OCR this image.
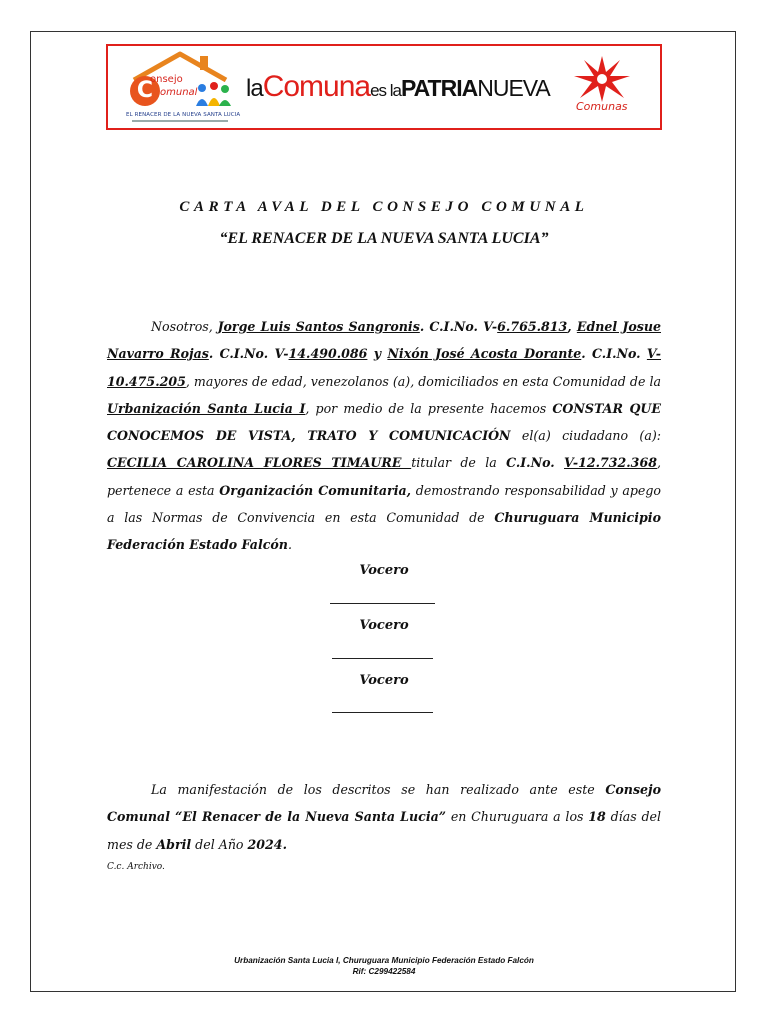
C
onsejo
omunal
EL RENACER DE LA NUEVA SANTA LUCIA
laComunaes laPATRIANUEVA
Comunas
CARTA AVAL DEL CONSEJO COMUNAL
“EL RENACER DE LA NUEVA SANTA LUCIA”
Nosotros, Jorge Luis Santos Sangronis. C.I.No. V-6.765.813, Ednel Josue Navarro Rojas. C.I.No. V-14.490.086 y Nixón José Acosta Dorante. C.I.No. V-10.475.205, mayores de edad, venezolanos (a), domiciliados en esta Comunidad de la Urbanización Santa Lucia I, por medio de la presente hacemos CONSTAR QUE CONOCEMOS DE VISTA, TRATO Y COMUNICACIÓN el(a) ciudadano (a): CECILIA CAROLINA FLORES TIMAURE titular de la C.I.No. V-12.732.368, pertenece a esta Organización Comunitaria, demostrando responsabilidad y apego a las Normas de Convivencia en esta Comunidad de Churuguara Municipio Federación Estado Falcón.
Vocero
Vocero
Vocero
La manifestación de los descritos se han realizado ante este Consejo Comunal “El Renacer de la Nueva Santa Lucia” en Churuguara a los 18 días del mes de Abril del Año 2024.
C.c. Archivo.
Urbanización Santa Lucia I, Churuguara Municipio Federación Estado Falcón
Rif: C299422584
